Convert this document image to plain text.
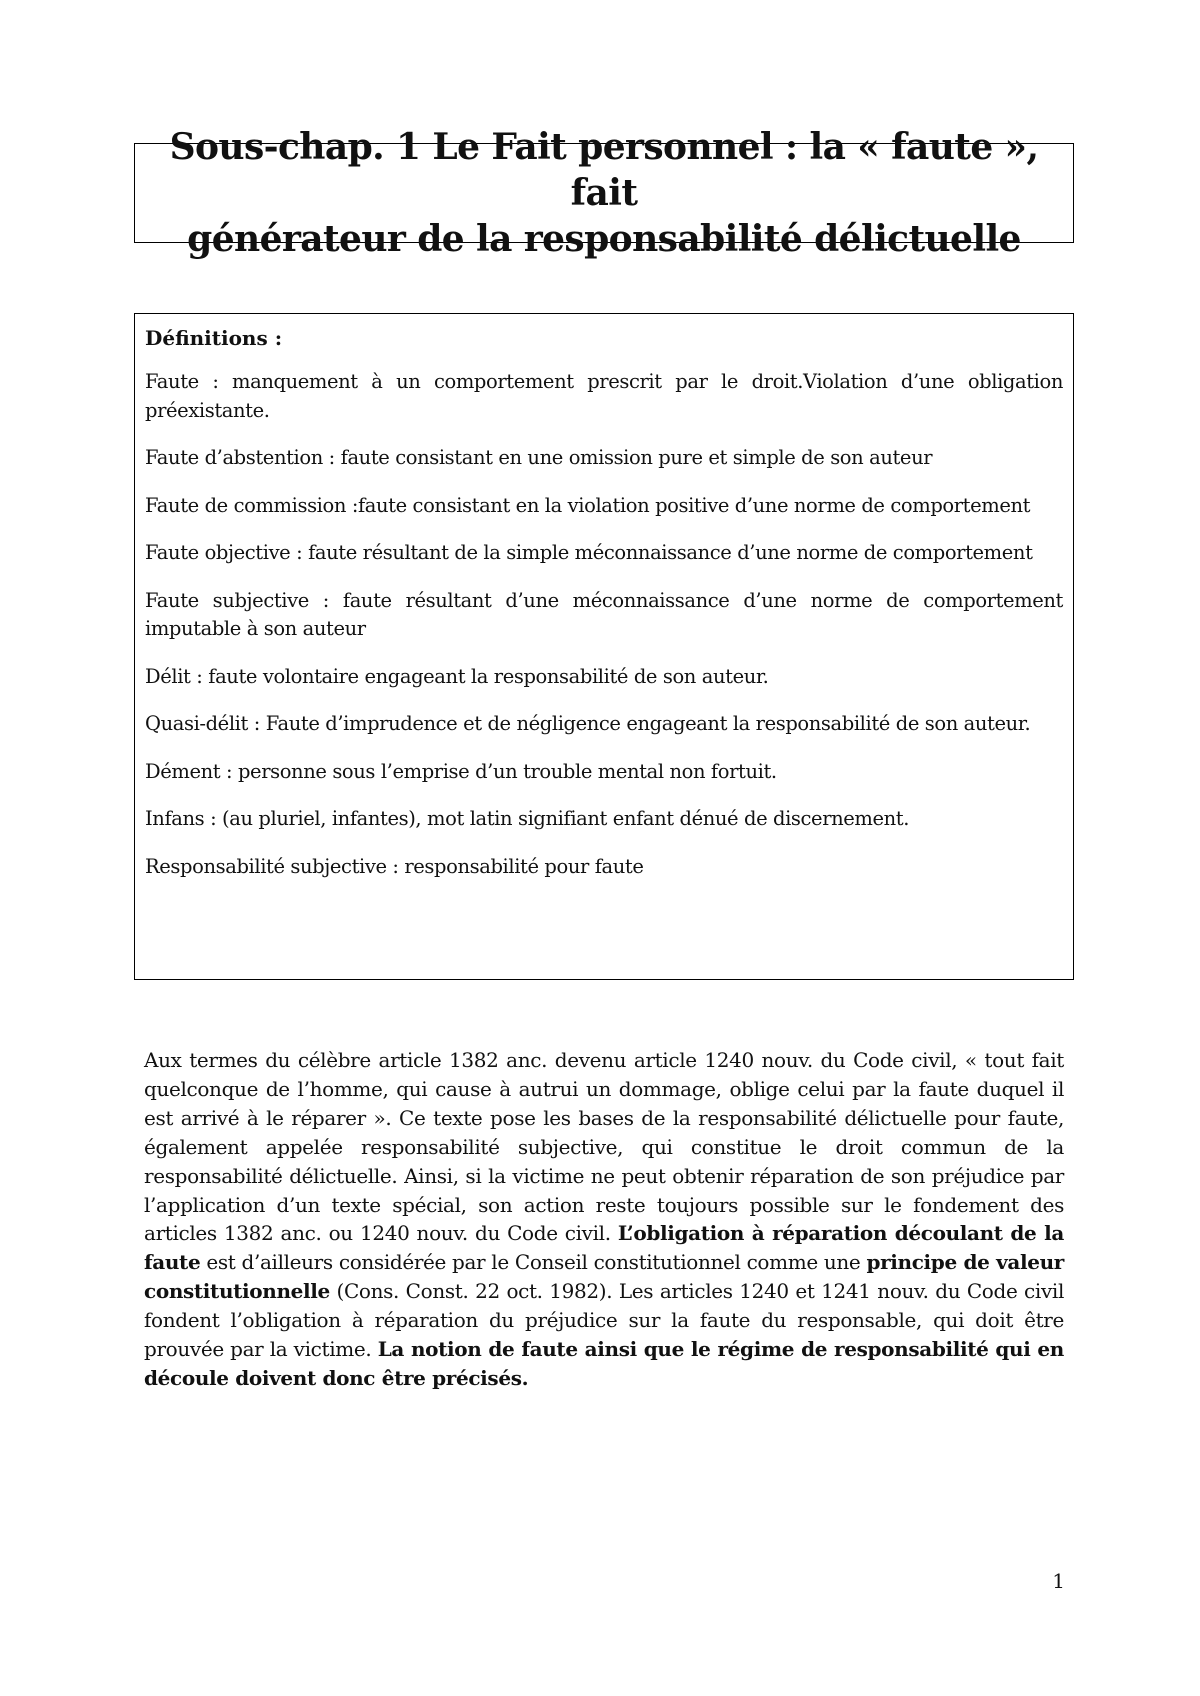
Sous-chap. 1 Le Fait personnel : la « faute », fait
générateur de la responsabilité délictuelle

Définitions :

Faute : manquement à un comportement prescrit par le droit.Violation d’une obligation préexistante.

Faute d’abstention : faute consistant en une omission pure et simple de son auteur

Faute de commission :faute consistant en la violation positive d’une norme de comportement

Faute objective : faute résultant de la simple méconnaissance d’une norme de comportement

Faute subjective : faute résultant d’une méconnaissance d’une norme de comportement imputable à son auteur

Délit : faute volontaire engageant la responsabilité de son auteur.

Quasi-délit : Faute d’imprudence et de négligence engageant la responsabilité de son auteur.

Dément : personne sous l’emprise d’un trouble mental non fortuit.

Infans : (au pluriel, infantes), mot latin signifiant enfant dénué de discernement.

Responsabilité subjective : responsabilité pour faute

Aux termes du célèbre article 1382 anc. devenu article 1240 nouv. du Code civil, « tout fait quelconque de l’homme, qui cause à autrui un dommage, oblige celui par la faute duquel il est arrivé à le réparer ». Ce texte pose les bases de la responsabilité délictuelle pour faute, également appelée responsabilité subjective, qui constitue le droit commun de la responsabilité délictuelle. Ainsi, si la victime ne peut obtenir réparation de son préjudice par l’application d’un texte spécial, son action reste toujours possible sur le fondement des articles 1382 anc. ou 1240 nouv. du Code civil. L’obligation à réparation découlant de la faute est d’ailleurs considérée par le Conseil constitutionnel comme une principe de valeur constitutionnelle (Cons. Const. 22 oct. 1982). Les articles 1240 et 1241 nouv. du Code civil fondent l’obligation à réparation du préjudice sur la faute du responsable, qui doit être prouvée par la victime. La notion de faute ainsi que le régime de responsabilité qui en découle doivent donc être précisés.

1
